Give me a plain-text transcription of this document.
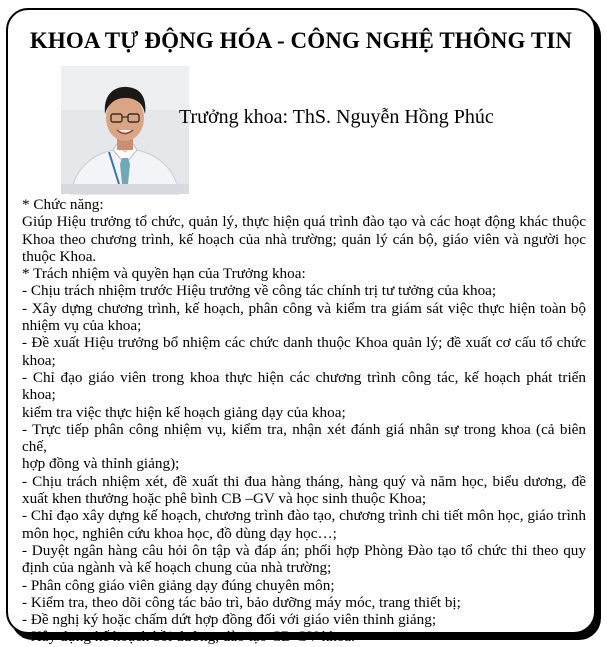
KHOA TỰ ĐỘNG HÓA - CÔNG NGHỆ THÔNG TIN
Trưởng khoa: ThS. Nguyễn Hồng Phúc
* Chức năng:
Giúp Hiệu trưởng tổ chức, quản lý, thực hiện quá trình đào tạo và các hoạt động khác thuộc
Khoa theo chương trình, kế hoạch của nhà trường; quản lý cán bộ, giáo viên và người học
thuộc Khoa.
* Trách nhiệm và quyền hạn của Trưởng khoa:
- Chịu trách nhiệm trước Hiệu trưởng về công tác chính trị tư tưởng của khoa;
- Xây dựng chương trình, kế hoạch, phân công và kiểm tra giám sát việc thực hiện toàn bộ
nhiệm vụ của khoa;
- Đề xuất Hiệu trưởng bổ nhiệm các chức danh thuộc Khoa quản lý; đề xuất cơ cấu tổ chức
khoa;
- Chỉ đạo giáo viên trong khoa thực hiện các chương trình công tác, kế hoạch phát triển khoa;
kiểm tra việc thực hiện kế hoạch giảng dạy của khoa;
- Trực tiếp phân công nhiệm vụ, kiểm tra, nhận xét đánh giá nhân sự trong khoa (cả biên chế,
hợp đồng và thỉnh giảng);
- Chịu trách nhiệm xét, đề xuất thi đua hàng tháng, hàng quý và năm học, biểu dương, đề
xuất khen thưởng hoặc phê bình CB –GV và học sinh thuộc Khoa;
- Chỉ đạo xây dựng kế hoạch, chương trình đào tạo, chương trình chi tiết môn học, giáo trình
môn học, nghiên cứu khoa học, đồ dùng dạy học…;
- Duyệt ngân hàng câu hỏi ôn tập và đáp án; phối hợp Phòng Đào tạo tổ chức thi theo quy
định của ngành và kế hoạch chung của nhà trường;
- Phân công giáo viên giảng dạy đúng chuyên môn;
- Kiểm tra, theo dõi công tác bảo trì, bảo dưỡng máy móc, trang thiết bị;
- Đề nghị ký hoặc chấm dứt hợp đồng đối với giáo viên thỉnh giảng;
- Xây dựng kế hoạch bồi dưỡng, đào tạo CB-GV khoa.
